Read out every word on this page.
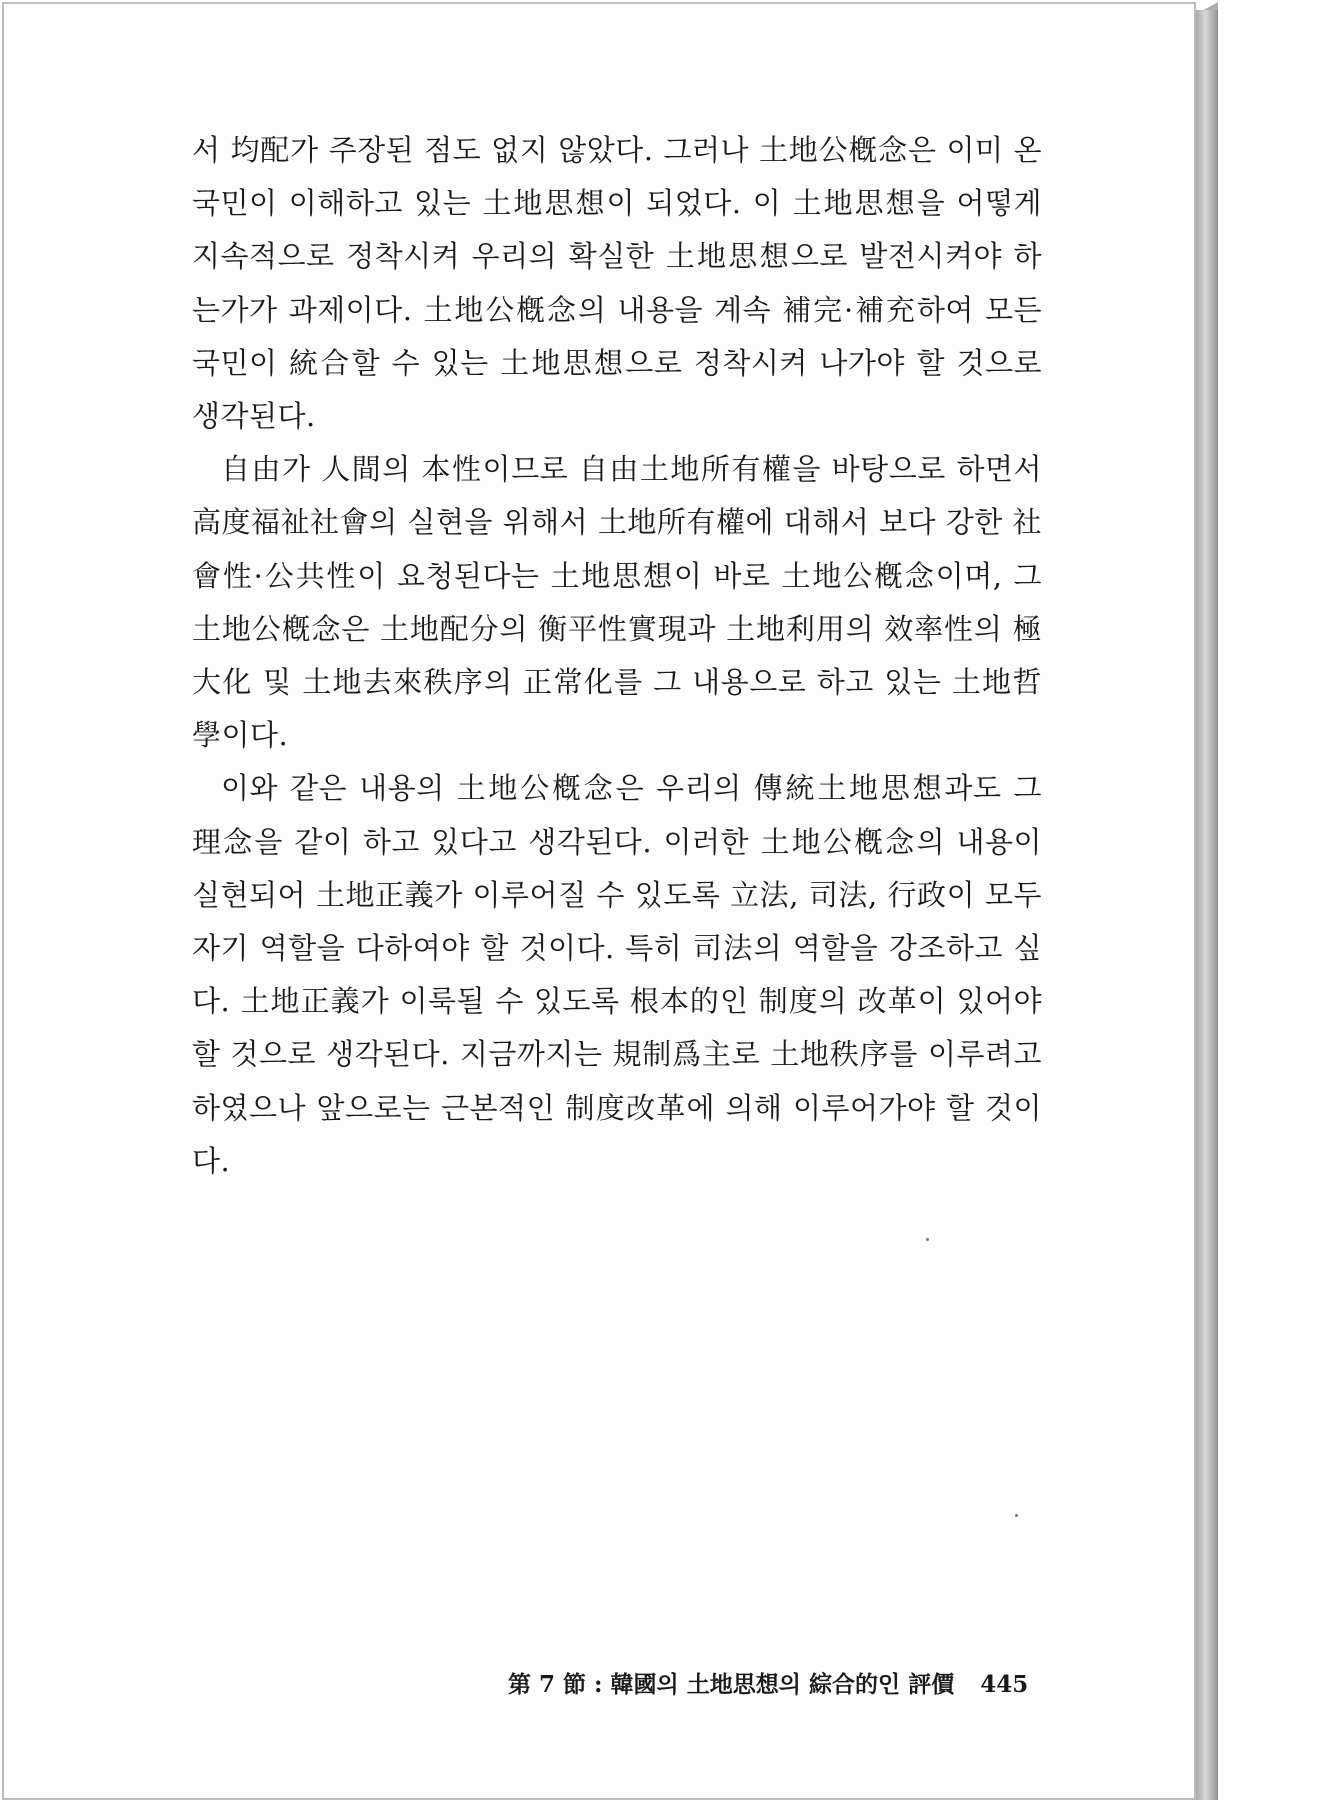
서 均配가 주장된 점도 없지 않았다. 그러나 土地公槪念은 이미 온 국민이 이해하고 있는 土地思想이 되었다. 이 土地思想을 어떻게 지속적으로 정착시켜 우리의 확실한 土地思想으로 발전시켜야 하는가가 과제이다. 土地公槪念의 내용을 계속 補完·補充하여 모든 국민이 統合할 수 있는 土地思想으로 정착시켜 나가야 할 것으로 생각된다.

自由가 人間의 本性이므로 自由土地所有權을 바탕으로 하면서 高度福祉社會의 실현을 위해서 土地所有權에 대해서 보다 강한 社會性·公共性이 요청된다는 土地思想이 바로 土地公槪念이며, 그 土地公槪念은 土地配分의 衡平性實現과 土地利用의 效率性의 極大化 및 土地去來秩序의 正常化를 그 내용으로 하고 있는 土地哲學이다.

이와 같은 내용의 土地公槪念은 우리의 傳統土地思想과도 그 理念을 같이 하고 있다고 생각된다. 이러한 土地公槪念의 내용이 실현되어 土地正義가 이루어질 수 있도록 立法, 司法, 行政이 모두 자기 역할을 다하여야 할 것이다. 특히 司法의 역할을 강조하고 싶다. 土地正義가 이룩될 수 있도록 根本的인 制度의 改革이 있어야 할 것으로 생각된다. 지금까지는 規制爲主로 土地秩序를 이루려고 하였으나 앞으로는 근본적인 制度改革에 의해 이루어가야 할 것이다.

第 7 節 : 韓國의 土地思想의 綜合的인 評價 445
